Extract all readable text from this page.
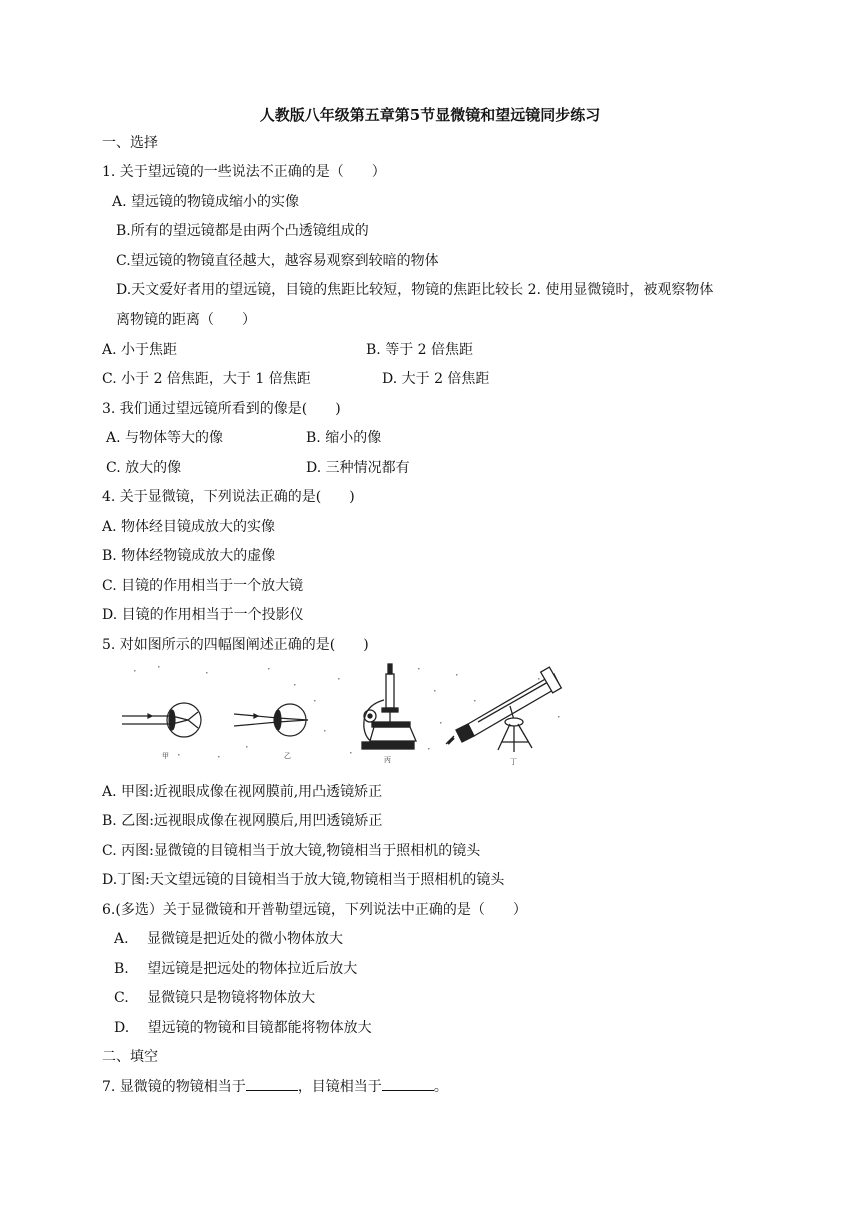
人教版八年级第五章第5节显微镜和望远镜同步练习
一、选择
1. 关于望远镜的一些说法不正确的是（　　）
A. 望远镜的物镜成缩小的实像
B.所有的望远镜都是由两个凸透镜组成的
C.望远镜的物镜直径越大，越容易观察到较暗的物体
D.天文爱好者用的望远镜，目镜的焦距比较短，物镜的焦距比较长 2. 使用显微镜时，被观察物体
离物镜的距离（　　）
A. 小于焦距	B. 等于 2 倍焦距
C. 小于 2 倍焦距，大于 1 倍焦距	D. 大于 2 倍焦距
3. 我们通过望远镜所看到的像是(　　)
A. 与物体等大的像	B. 缩小的像
C. 放大的像	D. 三种情况都有
4. 关于显微镜，下列说法正确的是(　　)
A. 物体经目镜成放大的实像
B. 物体经物镜成放大的虚像
C. 目镜的作用相当于一个放大镜
D. 目镜的作用相当于一个投影仪
5. 对如图所示的四幅图阐述正确的是(　　)
甲	乙	丙	丁
A. 甲图:近视眼成像在视网膜前,用凸透镜矫正
B. 乙图:远视眼成像在视网膜后,用凹透镜矫正
C. 丙图:显微镜的目镜相当于放大镜,物镜相当于照相机的镜头
D.丁图:天文望远镜的目镜相当于放大镜,物镜相当于照相机的镜头
6.(多选）关于显微镜和开普勒望远镜，下列说法中正确的是（　　）
A.　 显微镜是把近处的微小物体放大
B.　 望远镜是把远处的物体拉近后放大
C.　 显微镜只是物镜将物体放大
D.　 望远镜的物镜和目镜都能将物体放大
二、填空
7. 显微镜的物镜相当于	，目镜相当于	。
